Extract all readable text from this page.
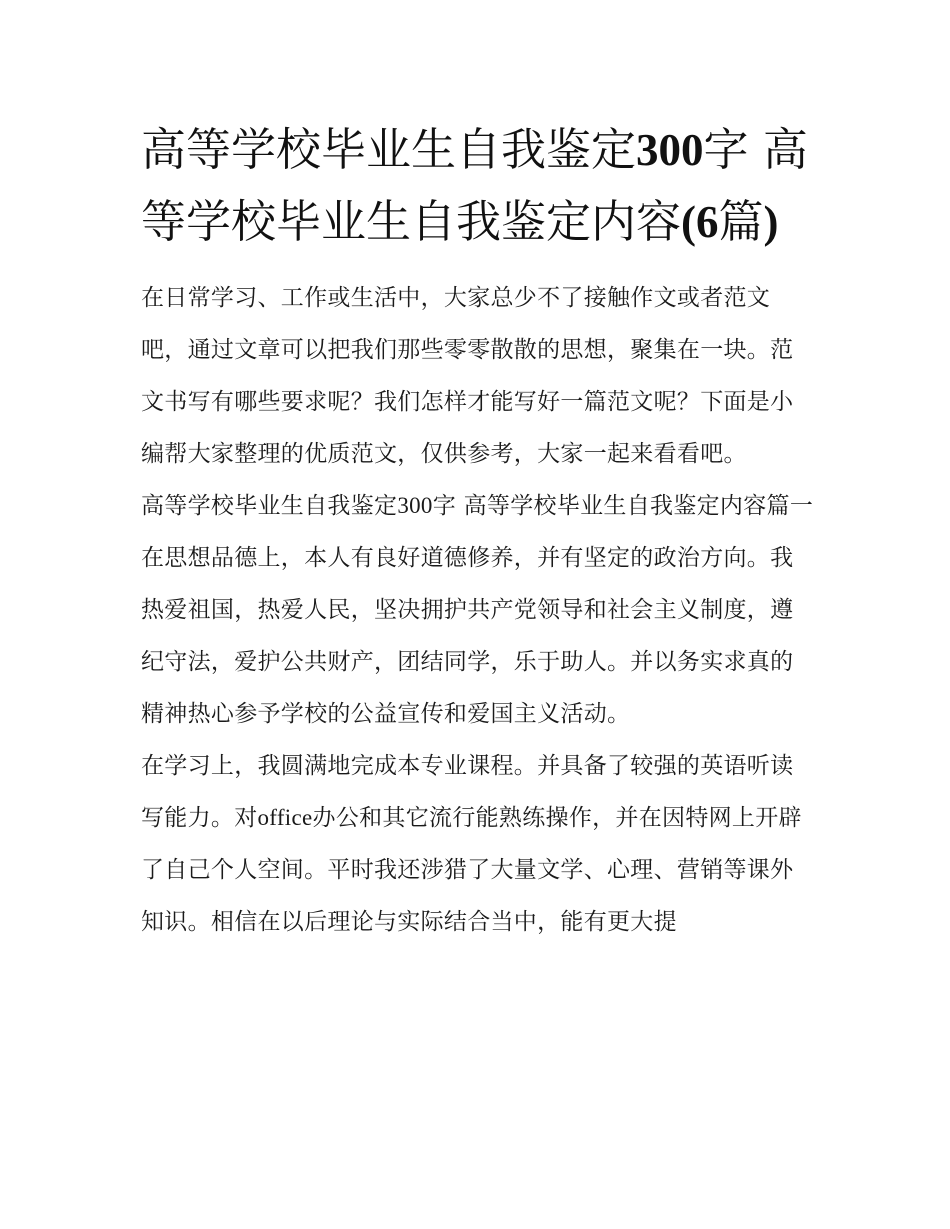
高等学校毕业生自我鉴定300字 高等学校毕业生自我鉴定内容(6篇)

在日常学习、工作或生活中，大家总少不了接触作文或者范文吧，通过文章可以把我们那些零零散散的思想，聚集在一块。范文书写有哪些要求呢？我们怎样才能写好一篇范文呢？下面是小编帮大家整理的优质范文，仅供参考，大家一起来看看吧。

高等学校毕业生自我鉴定300字 高等学校毕业生自我鉴定内容篇一

在思想品德上，本人有良好道德修养，并有坚定的政治方向。我热爱祖国，热爱人民，坚决拥护共产党领导和社会主义制度，遵纪守法，爱护公共财产，团结同学，乐于助人。并以务实求真的精神热心参予学校的公益宣传和爱国主义活动。

在学习上，我圆满地完成本专业课程。并具备了较强的英语听读写能力。对office办公和其它流行能熟练操作，并在因特网上开辟了自己个人空间。平时我还涉猎了大量文学、心理、营销等课外知识。相信在以后理论与实际结合当中，能有更大提
